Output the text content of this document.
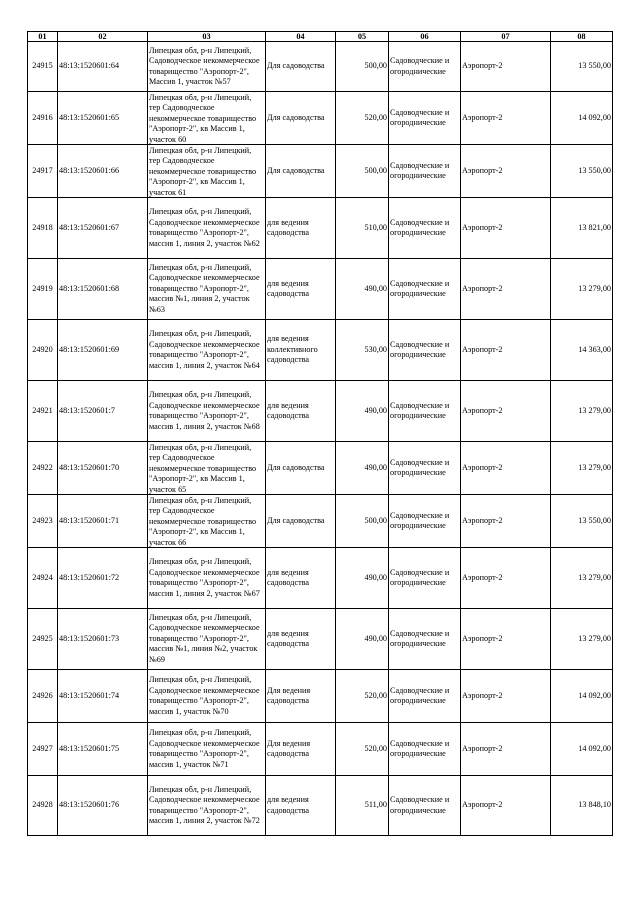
01	02	03	04	05	06	07	08
24915	48:13:1520601:64	Липецкая обл, р-н Липецкий, Садоводческое некоммерческое товарищество "Аэропорт-2", Массив 1, участок №57	Для садоводства	500,00	Садоводческие и огороднические	Аэропорт-2	13 550,00
24916	48:13:1520601:65	Липецкая обл, р-н Липецкий, тер Садоводческое некоммерческое товарищество "Аэропорт-2", кв Массив 1, участок 60	Для садоводства	520,00	Садоводческие и огороднические	Аэропорт-2	14 092,00
24917	48:13:1520601:66	Липецкая обл, р-н Липецкий, тер Садоводческое некоммерческое товарищество "Аэропорт-2", кв Массив 1, участок 61	Для садоводства	500,00	Садоводческие и огороднические	Аэропорт-2	13 550,00
24918	48:13:1520601:67	Липецкая обл, р-н Липецкий, Садоводческое некоммерческое товарищество "Аэропорт-2", массив 1, линия 2, участок №62	для ведения садоводства	510,00	Садоводческие и огороднические	Аэропорт-2	13 821,00
24919	48:13:1520601:68	Липецкая обл, р-н Липецкий, Садоводческое некоммерческое товарищество "Аэропорт-2", массив №1, линия 2, участок №63	для ведения садоводства	490,00	Садоводческие и огороднические	Аэропорт-2	13 279,00
24920	48:13:1520601:69	Липецкая обл, р-н Липецкий, Садоводческое некоммерческое товарищество "Аэропорт-2", массив 1, линия 2, участок №64	для ведения коллективного садоводства	530,00	Садоводческие и огороднические	Аэропорт-2	14 363,00
24921	48:13:1520601:7	Липецкая обл, р-н Липецкий, Садоводческое некоммерческое товарищество "Аэропорт-2", массив 1, линия 2, участок №68	для ведения садоводства	490,00	Садоводческие и огороднические	Аэропорт-2	13 279,00
24922	48:13:1520601:70	Липецкая обл, р-н Липецкий, тер Садоводческое некоммерческое товарищество "Аэропорт-2", кв Массив 1, участок 65	Для садоводства	490,00	Садоводческие и огороднические	Аэропорт-2	13 279,00
24923	48:13:1520601:71	Липецкая обл, р-н Липецкий, тер Садоводческое некоммерческое товарищество "Аэропорт-2", кв Массив 1, участок 66	Для садоводства	500,00	Садоводческие и огороднические	Аэропорт-2	13 550,00
24924	48:13:1520601:72	Липецкая обл, р-н Липецкий, Садоводческое некоммерческое товарищество "Аэропорт-2", массив 1, линия 2, участок №67	для ведения садоводства	490,00	Садоводческие и огороднические	Аэропорт-2	13 279,00
24925	48:13:1520601:73	Липецкая обл, р-н Липецкий, Садоводческое некоммерческое товарищество "Аэропорт-2", массив №1, линия №2, участок №69	для ведения садоводства	490,00	Садоводческие и огороднические	Аэропорт-2	13 279,00
24926	48:13:1520601:74	Липецкая обл, р-н Липецкий, Садоводческое некоммерческое товарищество "Аэропорт-2", массив 1, участок №70	Для ведения садоводства	520,00	Садоводческие и огороднические	Аэропорт-2	14 092,00
24927	48:13:1520601:75	Липецкая обл, р-н Липецкий, Садоводческое некоммерческое товарищество "Аэропорт-2", массив 1, участок №71	Для ведения садоводства	520,00	Садоводческие и огороднические	Аэропорт-2	14 092,00
24928	48:13:1520601:76	Липецкая обл, р-н Липецкий, Садоводческое некоммерческое товарищество "Аэропорт-2", массив 1, линия 2, участок №72	для ведения садоводства	511,00	Садоводческие и огороднические	Аэропорт-2	13 848,10
